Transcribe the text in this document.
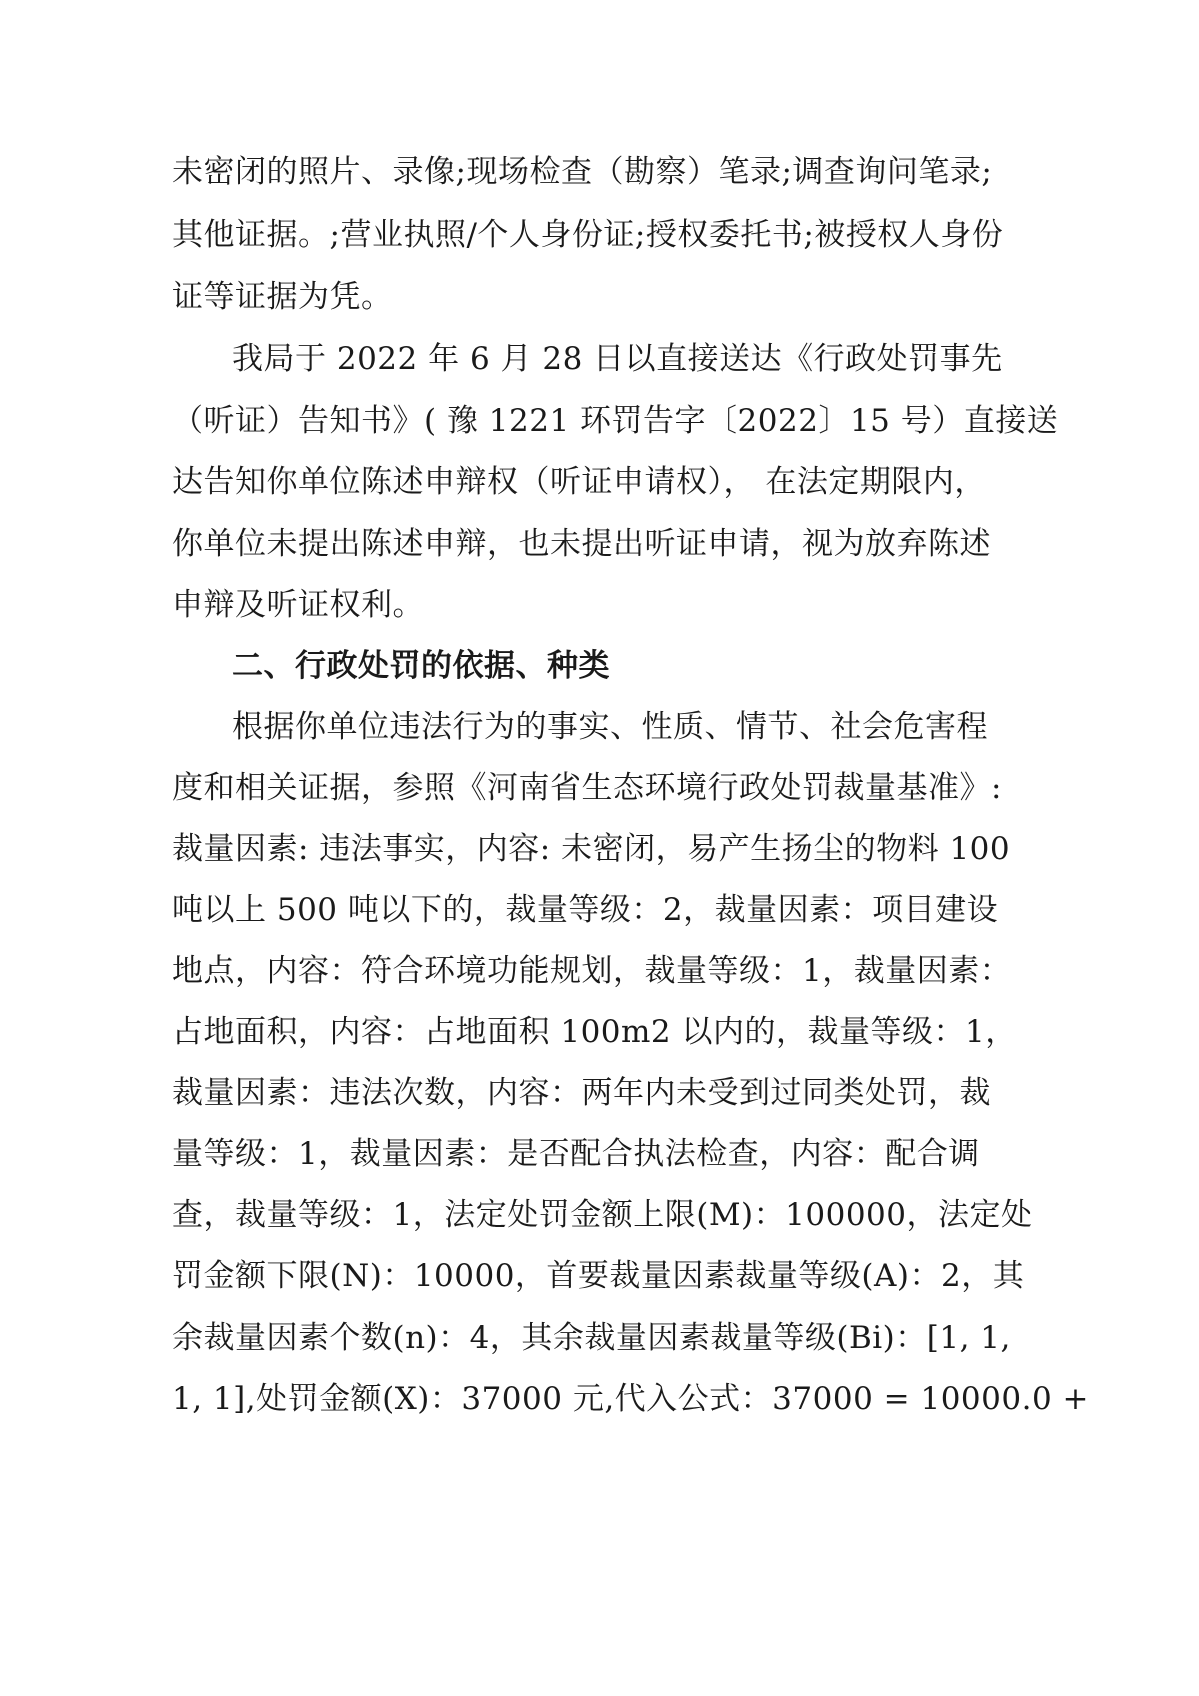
未密闭的照片、录像;现场检查（勘察）笔录;调查询问笔录;
其他证据。;营业执照/个人身份证;授权委托书;被授权人身份
证等证据为凭。
我局于 2022 年 6 月 28 日以直接送达《行政处罚事先
（听证）告知书》( 豫 1221 环罚告字〔2022〕15 号）直接送
达告知你单位陈述申辩权（听证申请权）， 在法定期限内，
你单位未提出陈述申辩，也未提出听证申请，视为放弃陈述
申辩及听证权利。
二、行政处罚的依据、种类
根据你单位违法行为的事实、性质、情节、社会危害程
度和相关证据，参照《河南省生态环境行政处罚裁量基准》:
裁量因素: 违法事实，内容: 未密闭，易产生扬尘的物料 100
吨以上 500 吨以下的，裁量等级：2，裁量因素：项目建设
地点，内容：符合环境功能规划，裁量等级：1，裁量因素：
占地面积，内容：占地面积 100m2 以内的，裁量等级：1，
裁量因素：违法次数，内容：两年内未受到过同类处罚，裁
量等级：1，裁量因素：是否配合执法检查，内容：配合调
查，裁量等级：1，法定处罚金额上限(M)：100000，法定处
罚金额下限(N)：10000，首要裁量因素裁量等级(A)：2，其
余裁量因素个数(n)：4，其余裁量因素裁量等级(Bi)：[1, 1,
1, 1],处罚金额(X)：37000 元,代入公式：37000 = 10000.0 +
